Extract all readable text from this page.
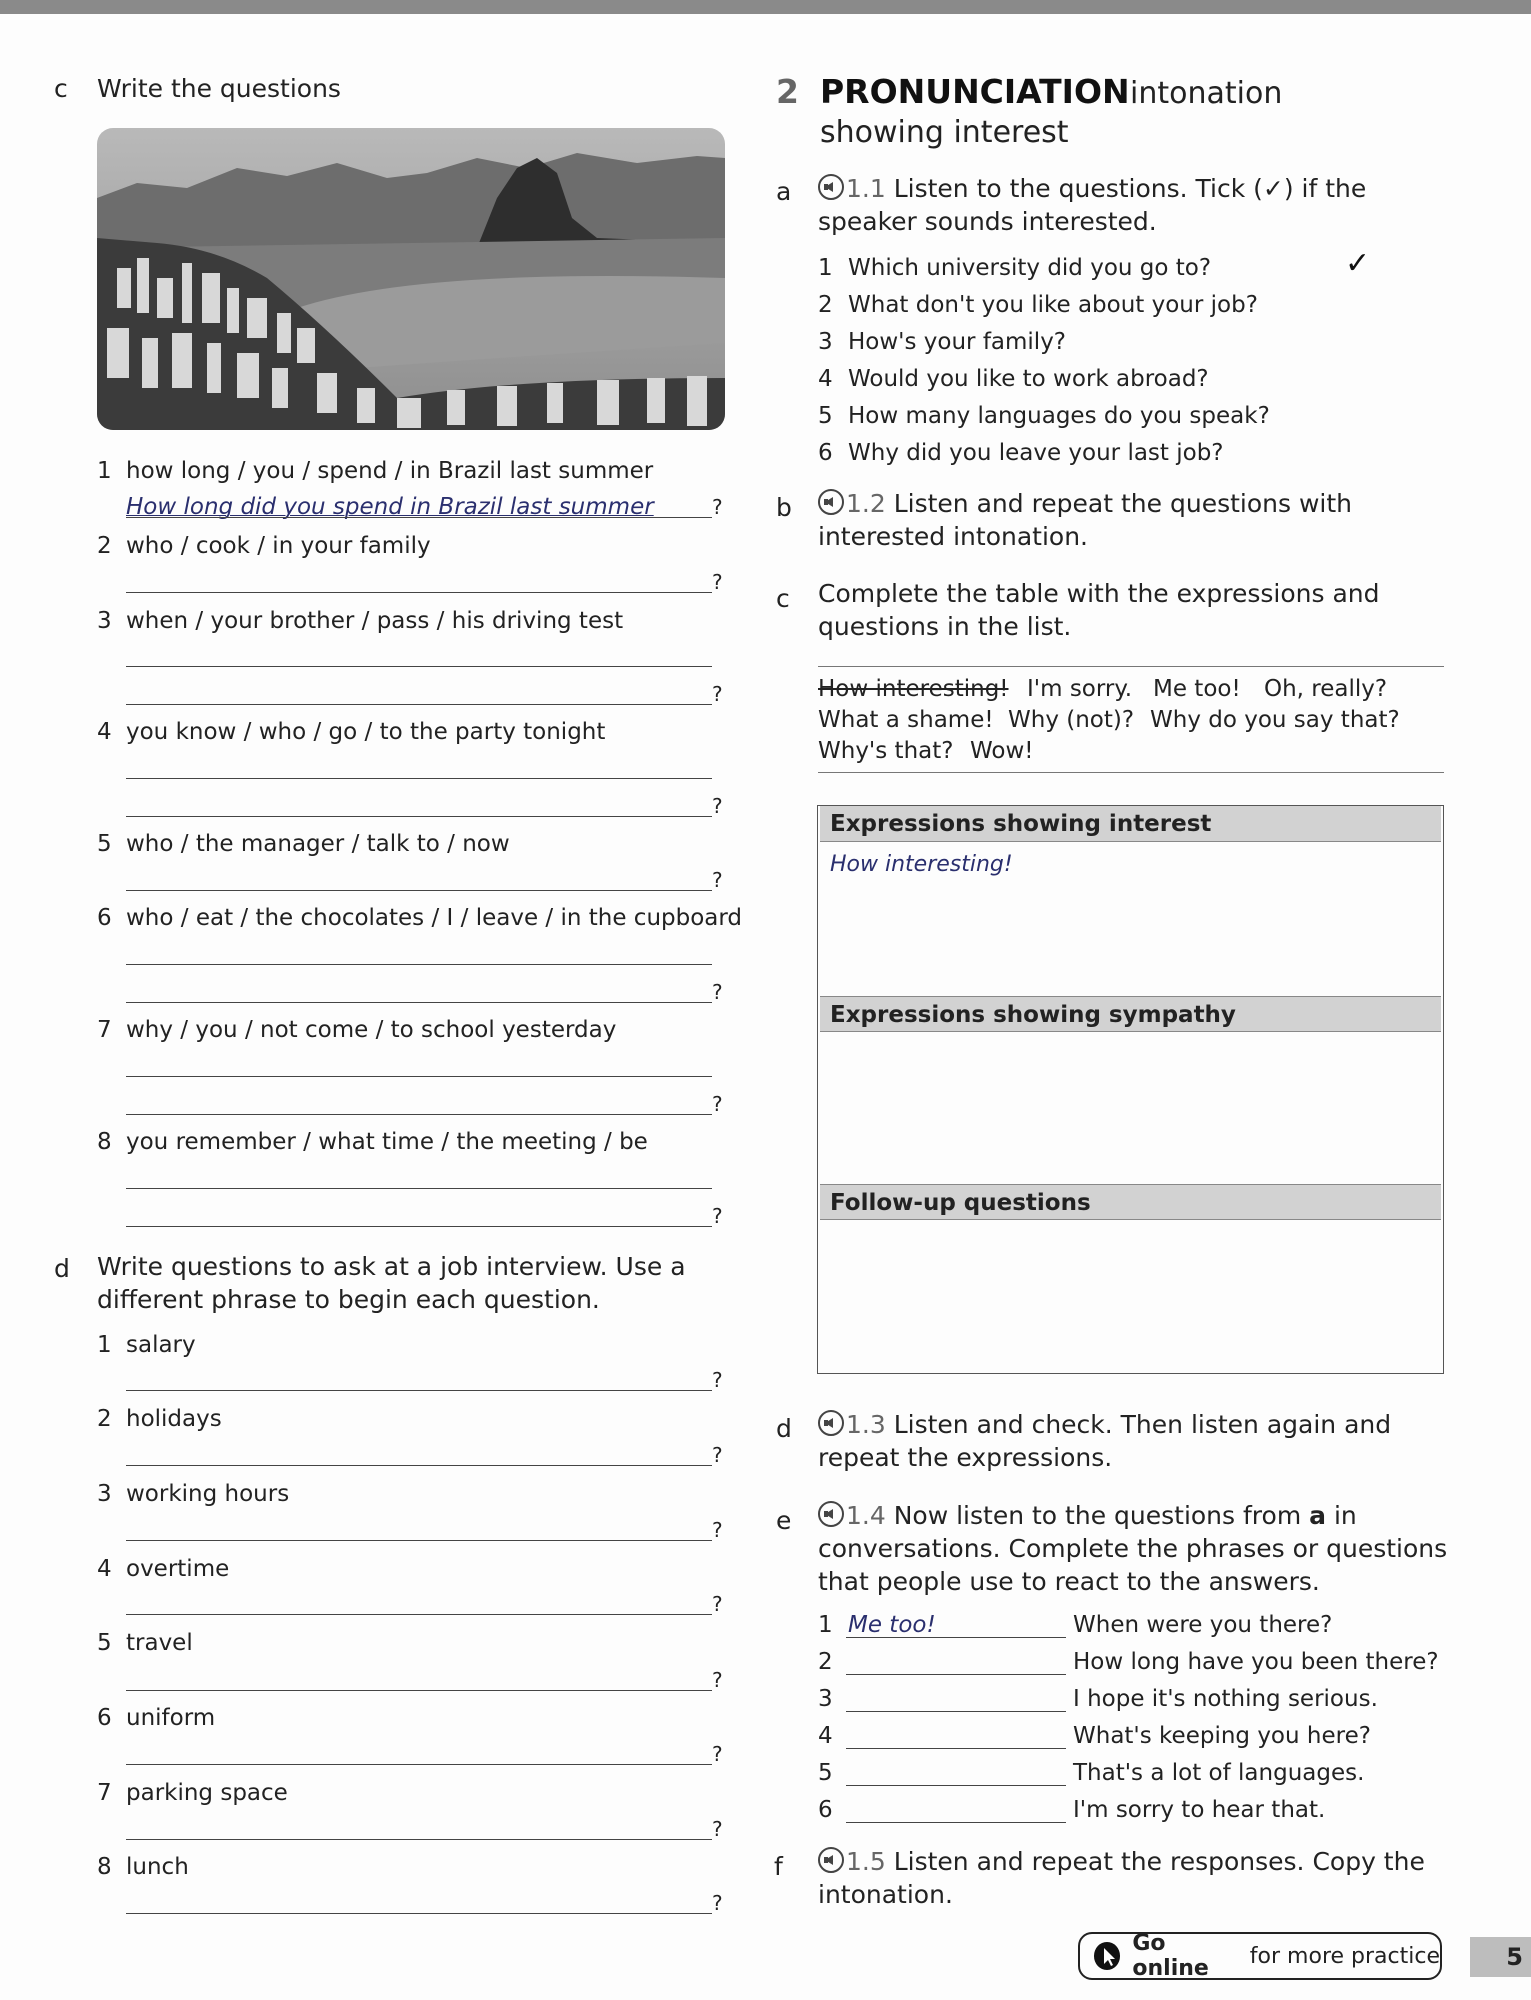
c Write the questions
1 how long / you / spend / in Brazil last summer
How long did you spend in Brazil last summer	?
2 who / cook / in your family
?
3 when / your brother / pass / his driving test
?
4 you know / who / go / to the party tonight
?
5 who / the manager / talk to / now
?
6 who / eat / the chocolates / I / leave / in the cupboard
?
7 why / you / not come / to school yesterday
?
8 you remember / what time / the meeting / be
?
d Write questions to ask at a job interview. Use a
different phrase to begin each question.
1 salary
?
2 holidays
?
3 working hours
?
4 overtime
?
5 travel
?
6 uniform
?
7 parking space
?
8 lunch
?
2 PRONUNCIATION intonation
showing interest
a	1.1 Listen to the questions. Tick (✓) if the
speaker sounds interested.
1 Which university did you go to?	✓
2 What don't you like about your job?
3 How's your family?
4 Would you like to work abroad?
5 How many languages do you speak?
6 Why did you leave your last job?
b	1.2 Listen and repeat the questions with
interested intonation.
c Complete the table with the expressions and
questions in the list.
How interesting! I'm sorry. Me too! Oh, really?
What a shame! Why (not)? Why do you say that?
Why's that? Wow!
Expressions showing interest
How interesting!
Expressions showing sympathy
Follow-up questions
d	1.3 Listen and check. Then listen again and
repeat the expressions.
e	1.4 Now listen to the questions from a in
conversations. Complete the phrases or questions
that people use to react to the answers.
1 Me too!	When were you there?
2	How long have you been there?
3	I hope it's nothing serious.
4	What's keeping you here?
5	That's a lot of languages.
6	I'm sorry to hear that.
f	1.5 Listen and repeat the responses. Copy the
intonation.
Go online	for more practice	5
